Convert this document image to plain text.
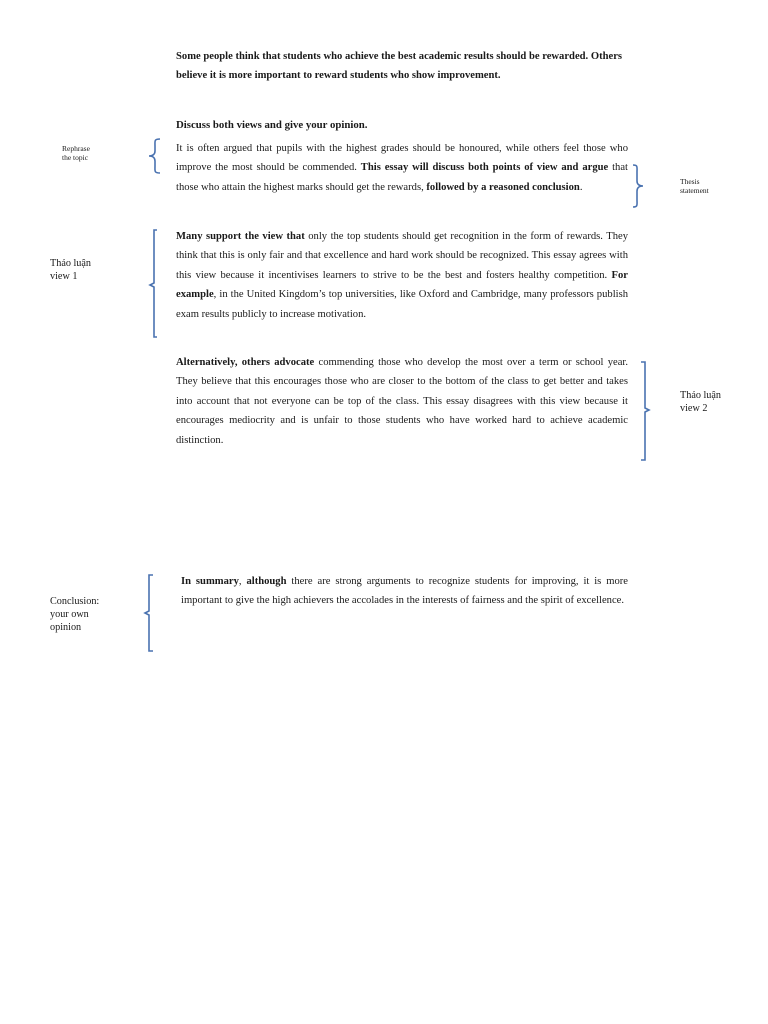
Some people think that students who achieve the best academic results should be rewarded. Others believe it is more important to reward students who show improvement.
Discuss both views and give your opinion.
It is often argued that pupils with the highest grades should be honoured, while others feel those who improve the most should be commended. This essay will discuss both points of view and argue that those who attain the highest marks should get the rewards, followed by a reasoned conclusion.
Many support the view that only the top students should get recognition in the form of rewards. They think that this is only fair and that excellence and hard work should be recognized. This essay agrees with this view because it incentivises learners to strive to be the best and fosters healthy competition. For example, in the United Kingdom’s top universities, like Oxford and Cambridge, many professors publish exam results publicly to increase motivation.
Alternatively, others advocate commending those who develop the most over a term or school year. They believe that this encourages those who are closer to the bottom of the class to get better and takes into account that not everyone can be top of the class. This essay disagrees with this view because it encourages mediocrity and is unfair to those students who have worked hard to achieve academic distinction.
In summary, although there are strong arguments to recognize students for improving, it is more important to give the high achievers the accolades in the interests of fairness and the spirit of excellence.
Rephrase
the topic
Thesis
statement
Thảo luận
view 1
Thảo luận
view 2
Conclusion:
your own
opinion
